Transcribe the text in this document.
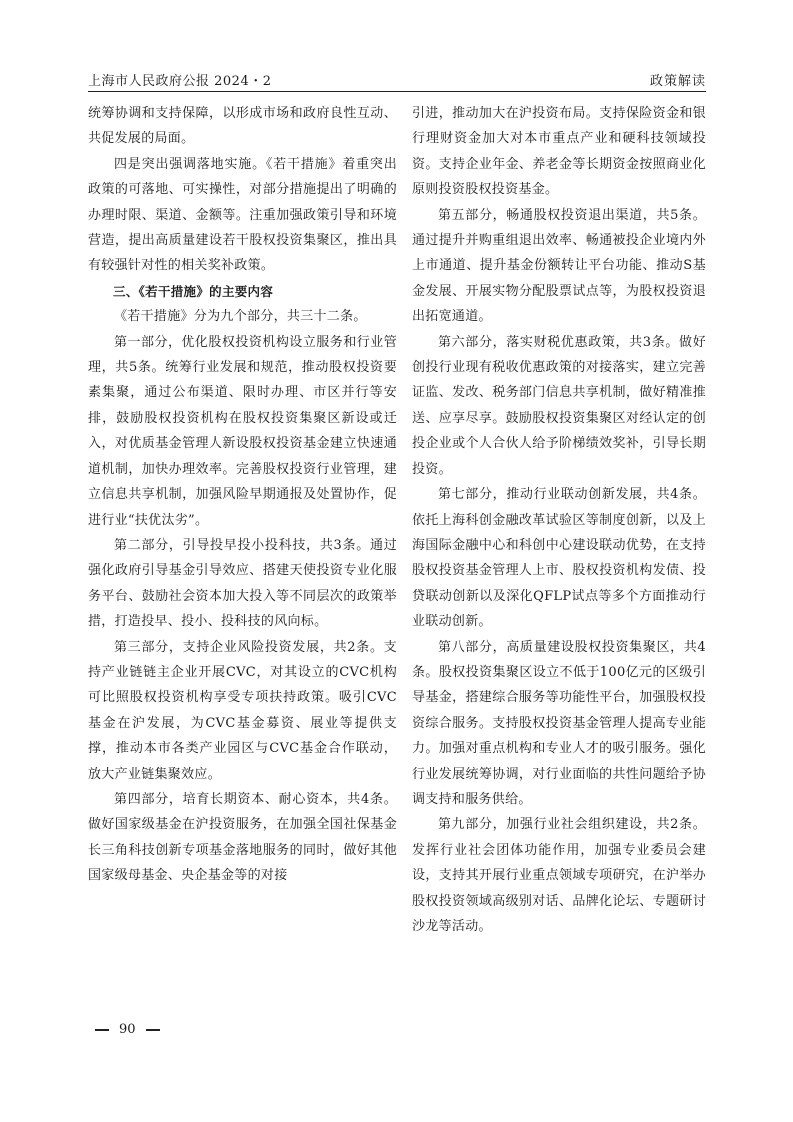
上海市人民政府公报 2024・2	政策解读

统筹协调和支持保障，以形成市场和政府良性互动、共促发展的局面。

四是突出强调落地实施。《若干措施》着重突出政策的可落地、可实操性，对部分措施提出了明确的办理时限、渠道、金额等。注重加强政策引导和环境营造，提出高质量建设若干股权投资集聚区，推出具有较强针对性的相关奖补政策。

三、《若干措施》的主要内容

《若干措施》分为九个部分，共三十二条。

第一部分，优化股权投资机构设立服务和行业管理，共5条。统筹行业发展和规范，推动股权投资要素集聚，通过公布渠道、限时办理、市区并行等安排，鼓励股权投资机构在股权投资集聚区新设或迁入，对优质基金管理人新设股权投资基金建立快速通道机制，加快办理效率。完善股权投资行业管理，建立信息共享机制，加强风险早期通报及处置协作，促进行业“扶优汰劣”。

第二部分，引导投早投小投科技，共3条。通过强化政府引导基金引导效应、搭建天使投资专业化服务平台、鼓励社会资本加大投入等不同层次的政策举措，打造投早、投小、投科技的风向标。

第三部分，支持企业风险投资发展，共2条。支持产业链链主企业开展CVC，对其设立的CVC机构可比照股权投资机构享受专项扶持政策。吸引CVC基金在沪发展，为CVC基金募资、展业等提供支撑，推动本市各类产业园区与CVC基金合作联动，放大产业链集聚效应。

第四部分，培育长期资本、耐心资本，共4条。做好国家级基金在沪投资服务，在加强全国社保基金长三角科技创新专项基金落地服务的同时，做好其他国家级母基金、央企基金等的对接

引进，推动加大在沪投资布局。支持保险资金和银行理财资金加大对本市重点产业和硬科技领域投资。支持企业年金、养老金等长期资金按照商业化原则投资股权投资基金。

第五部分，畅通股权投资退出渠道，共5条。通过提升并购重组退出效率、畅通被投企业境内外上市通道、提升基金份额转让平台功能、推动S基金发展、开展实物分配股票试点等，为股权投资退出拓宽通道。

第六部分，落实财税优惠政策，共3条。做好创投行业现有税收优惠政策的对接落实，建立完善证监、发改、税务部门信息共享机制，做好精准推送、应享尽享。鼓励股权投资集聚区对经认定的创投企业或个人合伙人给予阶梯绩效奖补，引导长期投资。

第七部分，推动行业联动创新发展，共4条。依托上海科创金融改革试验区等制度创新，以及上海国际金融中心和科创中心建设联动优势，在支持股权投资基金管理人上市、股权投资机构发债、投贷联动创新以及深化QFLP试点等多个方面推动行业联动创新。

第八部分，高质量建设股权投资集聚区，共4条。股权投资集聚区设立不低于100亿元的区级引导基金，搭建综合服务等功能性平台，加强股权投资综合服务。支持股权投资基金管理人提高专业能力。加强对重点机构和专业人才的吸引服务。强化行业发展统筹协调，对行业面临的共性问题给予协调支持和服务供给。

第九部分，加强行业社会组织建设，共2条。发挥行业社会团体功能作用，加强专业委员会建设，支持其开展行业重点领域专项研究，在沪举办股权投资领域高级别对话、品牌化论坛、专题研讨沙龙等活动。

90
